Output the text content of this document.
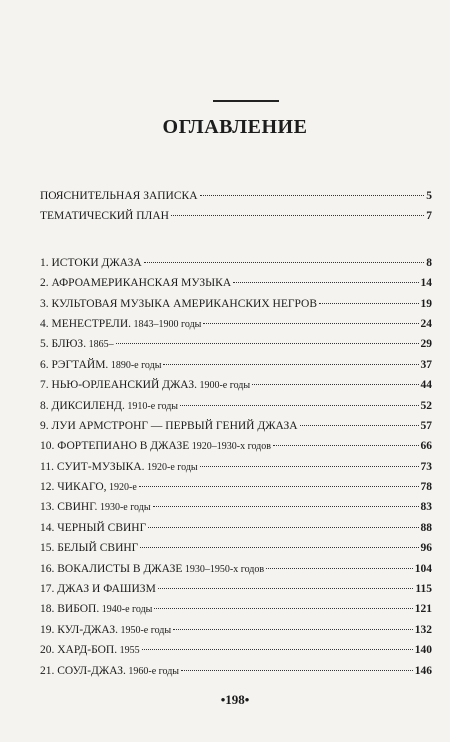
ОГЛАВЛЕНИЕ
ПОЯСНИТЕЛЬНАЯ ЗАПИСКА	5
ТЕМАТИЧЕСКИЙ ПЛАН	7
1. ИСТОКИ ДЖАЗА	8
2. АФРОАМЕРИКАНСКАЯ МУЗЫКА	14
3. КУЛЬТОВАЯ МУЗЫКА АМЕРИКАНСКИХ НЕГРОВ	19
4. МЕНЕСТРЕЛИ. 1843–1900 годы	24
5. БЛЮЗ. 1865–	29
6. РЭГТАЙМ. 1890-е годы	37
7. НЬЮ-ОРЛЕАНСКИЙ ДЖАЗ. 1900-е годы	44
8. ДИКСИЛЕНД. 1910-е годы	52
9. ЛУИ АРМСТРОНГ — ПЕРВЫЙ ГЕНИЙ ДЖАЗА	57
10. ФОРТЕПИАНО В ДЖАЗЕ 1920–1930-х годов	66
11. СУИТ-МУЗЫКА. 1920-е годы	73
12. ЧИКАГО, 1920-е	78
13. СВИНГ. 1930-е годы	83
14. ЧЕРНЫЙ СВИНГ	88
15. БЕЛЫЙ СВИНГ	96
16. ВОКАЛИСТЫ В ДЖАЗЕ 1930–1950-х годов	104
17. ДЖАЗ И ФАШИЗМ	115
18. ВИБОП. 1940-е годы	121
19. КУЛ-ДЖАЗ. 1950-е годы	132
20. ХАРД-БОП. 1955	140
21. СОУЛ-ДЖАЗ. 1960-е годы	146
•198•
